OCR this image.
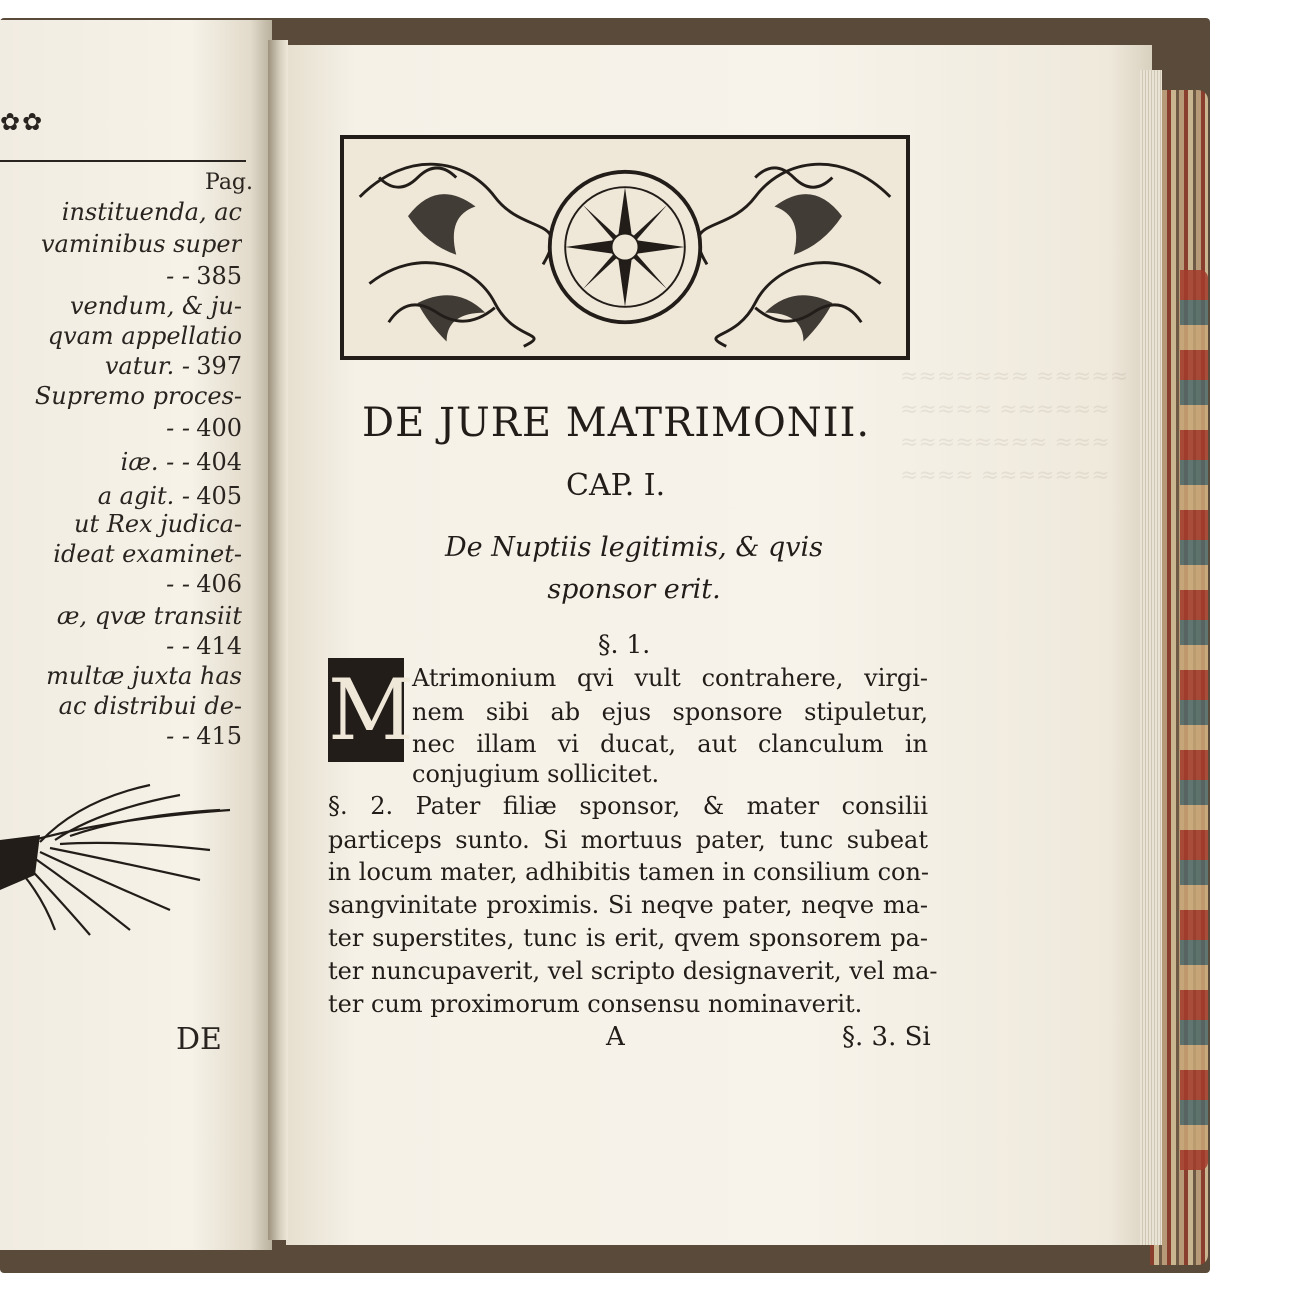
✿✿
Pag.
instituenda, ac
vaminibus super
- - 385
vendum, & ju-
qvam appellatio
vatur. - 397
Supremo proces-
- - 400
iæ. - - 404
a agit. - 405
ut Rex judica-
ideat examinet-
- - 406
æ, qvæ transiit
- - 414
multæ juxta has
ac distribui de-
- - 415
DE
≈≈≈≈≈≈≈ ≈≈≈≈≈
≈≈≈≈≈ ≈≈≈≈≈≈
≈≈≈≈≈≈≈≈ ≈≈≈
≈≈≈≈ ≈≈≈≈≈≈≈
DE JURE MATRIMONII.
CAP. I.
De Nuptiis legitimis, & qvis
sponsor erit.
§. 1.
M
Atrimonium qvi vult contrahere, virgi-
nem sibi ab ejus sponsore stipuletur,
nec illam vi ducat, aut clanculum in
conjugium sollicitet.
§. 2. Pater filiæ sponsor, & mater consilii
particeps sunto. Si mortuus pater, tunc subeat
in locum mater, adhibitis tamen in consilium con-
sangvinitate proximis. Si neqve pater, neqve ma-
ter superstites, tunc is erit, qvem sponsorem pa-
ter nuncupaverit, vel scripto designaverit, vel ma-
ter cum proximorum consensu nominaverit.
A	§. 3. Si
